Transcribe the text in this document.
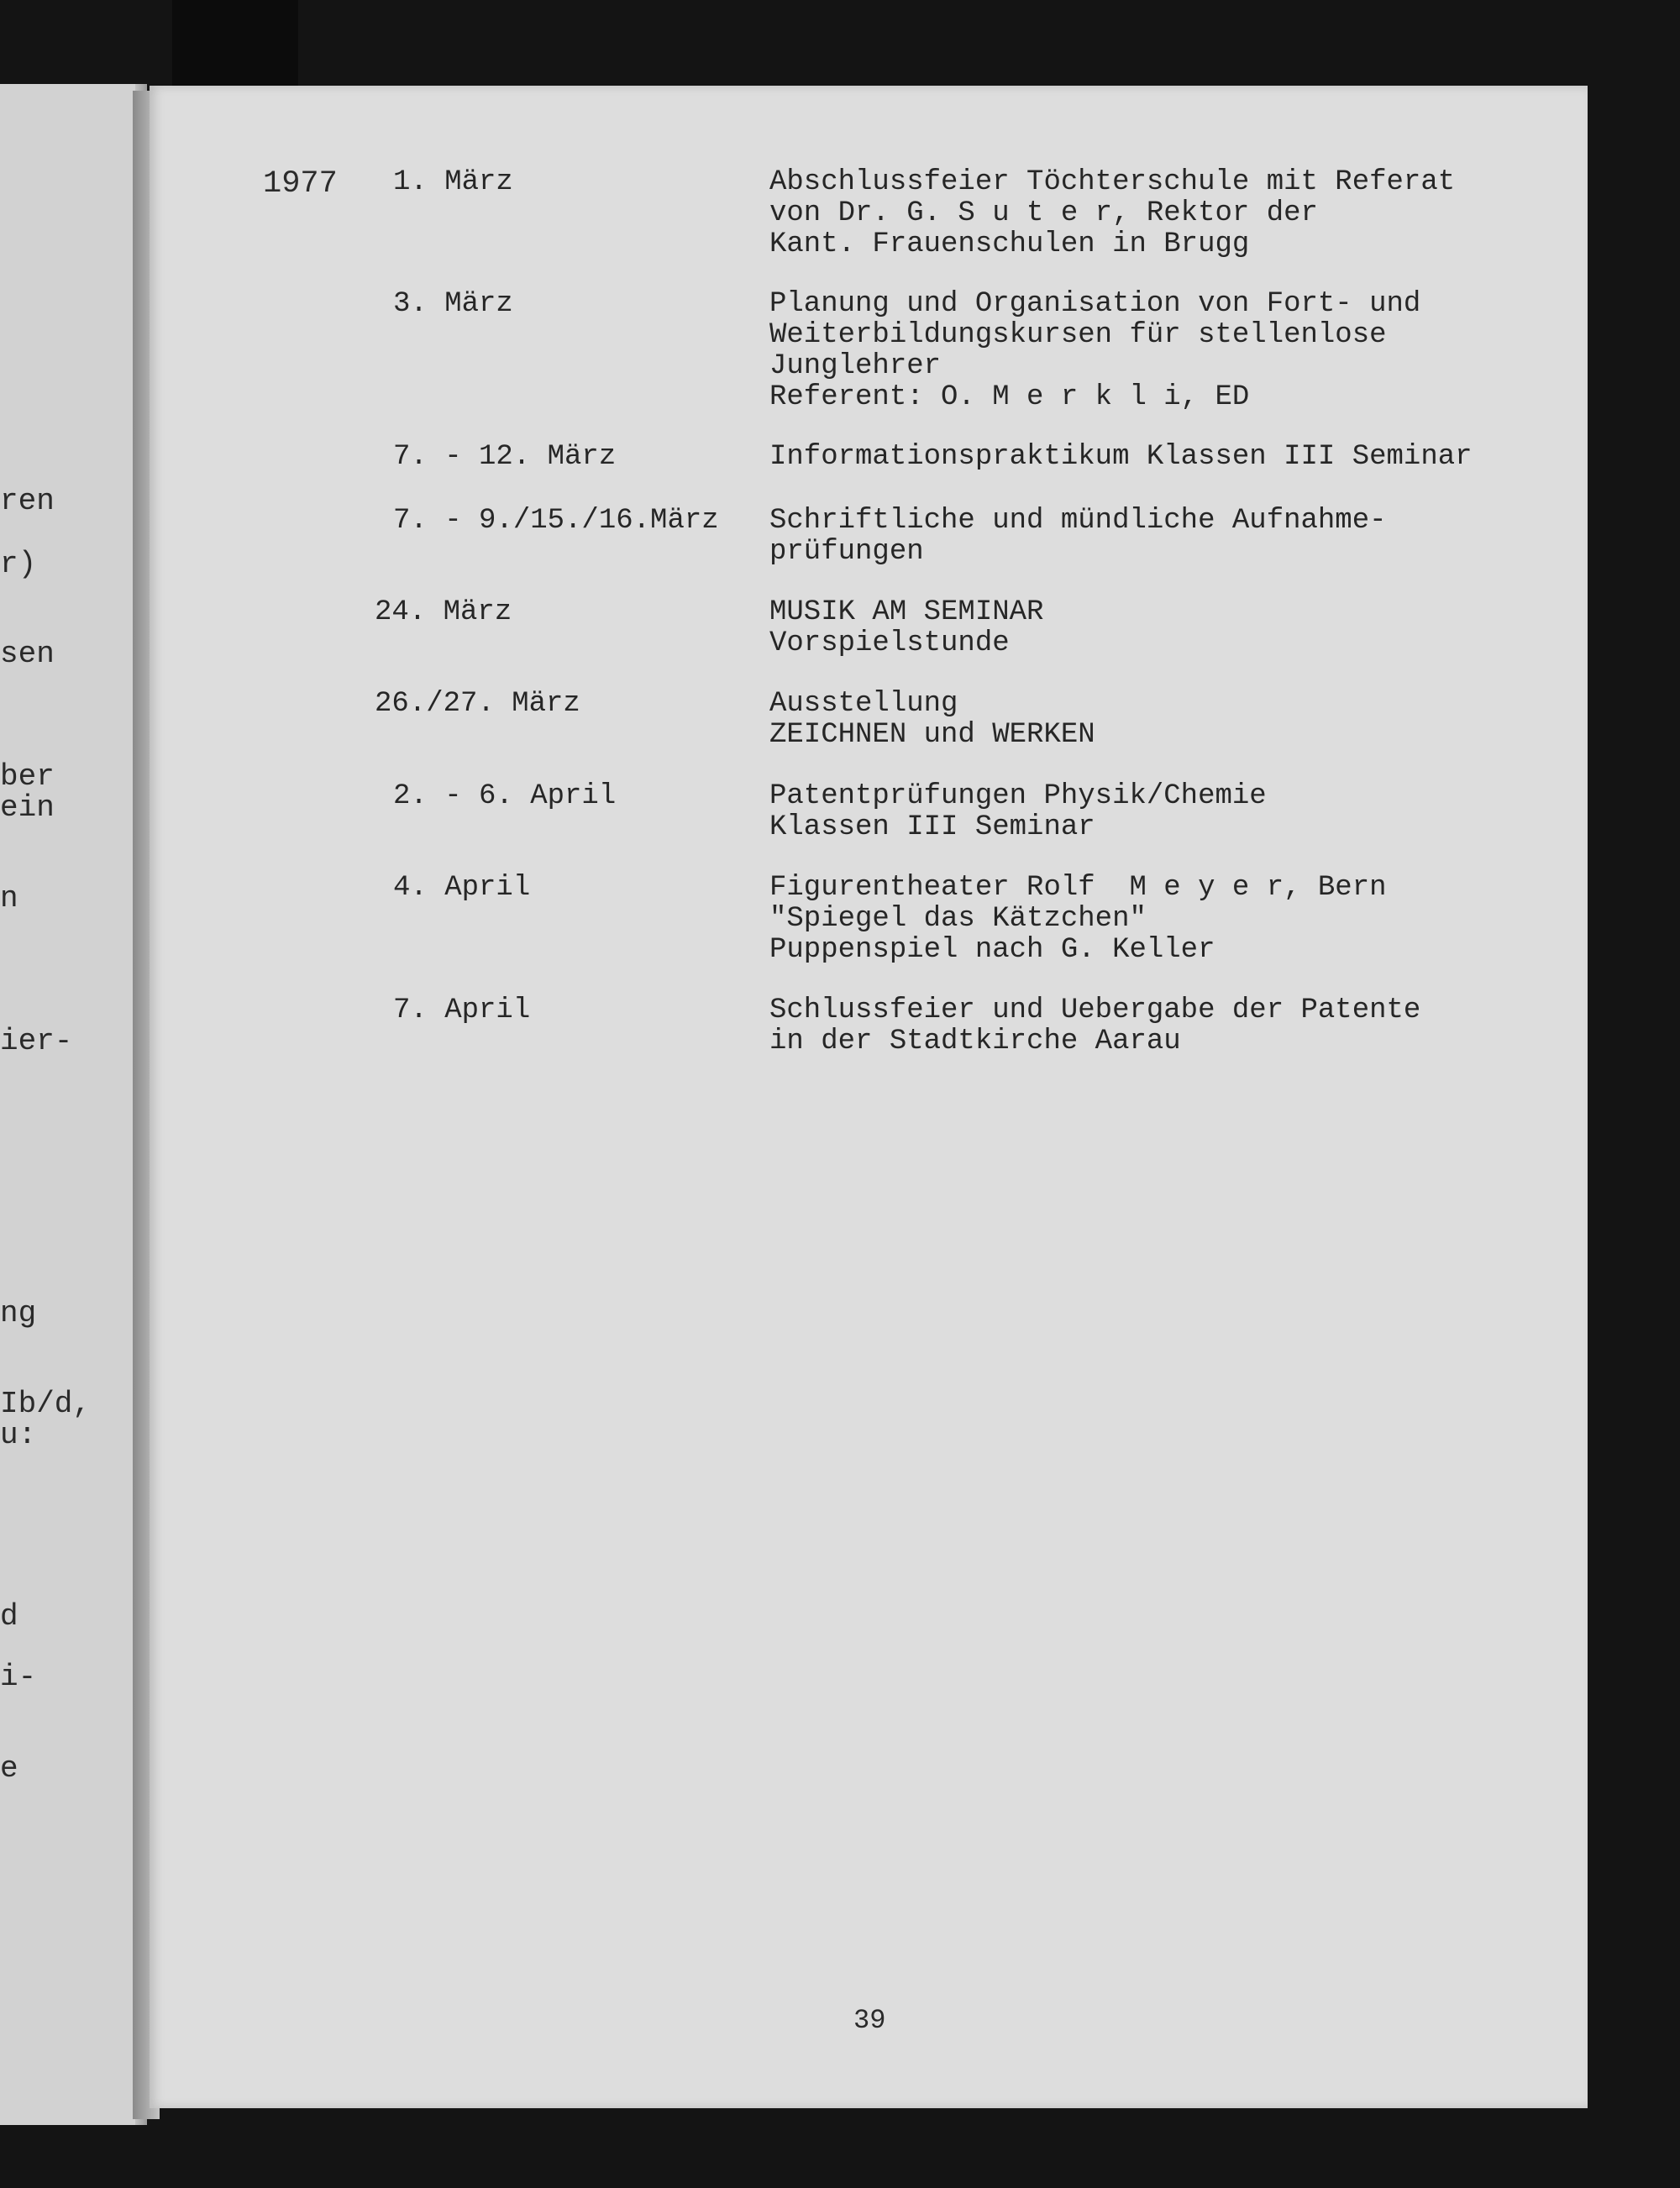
ren
r)
sen
ber
ein
n
ier-
ng
Ib/d,
u:
d
i-
e
1977 1. März	Abschlussfeier Töchterschule mit Referat
von Dr. G. S u t e r, Rektor der
Kant. Frauenschulen in Brugg
3. März	Planung und Organisation von Fort- und
Weiterbildungskursen für stellenlose
Junglehrer
Referent: O. M e r k l i, ED
7. - 12. März	Informationspraktikum Klassen III Seminar
7. - 9./15./16.März Schriftliche und mündliche Aufnahme-
prüfungen
24. März	MUSIK AM SEMINAR
Vorspielstunde
26./27. März	Ausstellung
ZEICHNEN und WERKEN
2. - 6. April	Patentprüfungen Physik/Chemie
Klassen III Seminar
4. April	Figurentheater Rolf  M e y e r, Bern
"Spiegel das Kätzchen"
Puppenspiel nach G. Keller
7. April	Schlussfeier und Uebergabe der Patente
in der Stadtkirche Aarau
39
